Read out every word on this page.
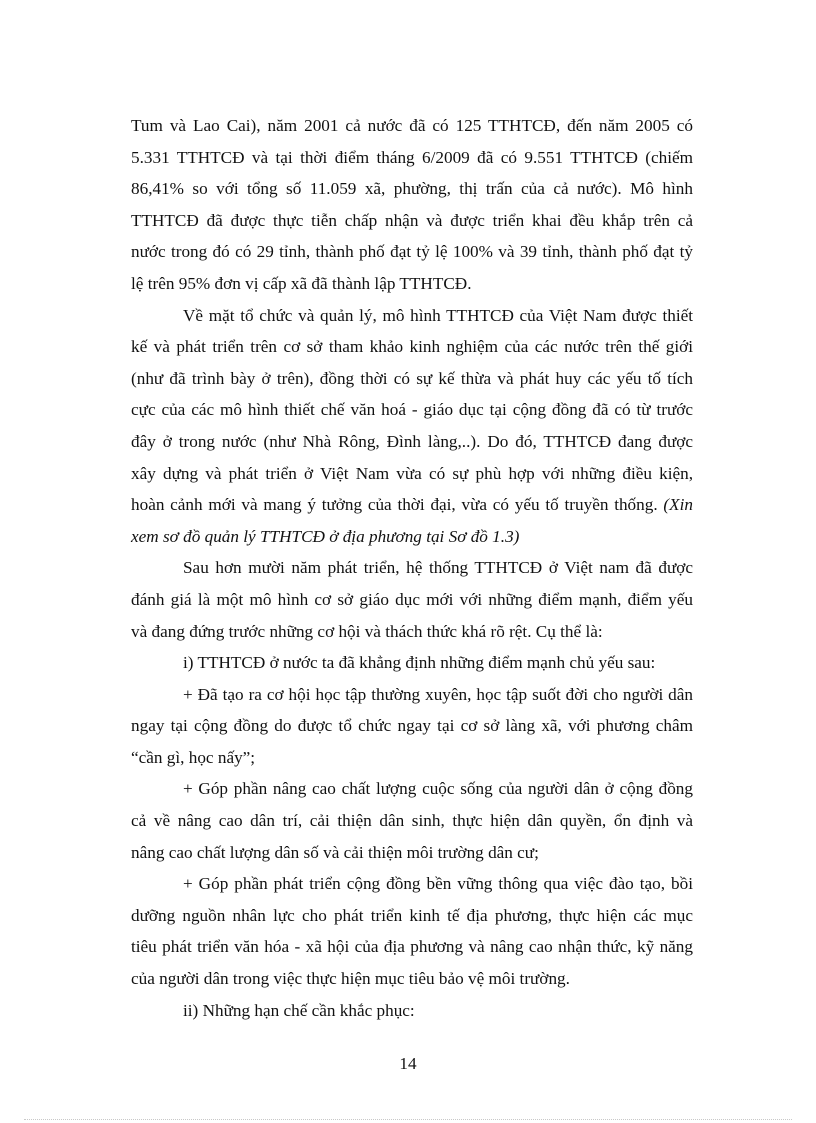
Tum và Lao Cai), năm 2001 cả nước đã có 125 TTHTCĐ, đến năm 2005 có
5.331 TTHTCĐ và tại thời điểm tháng 6/2009 đã có 9.551 TTHTCĐ (chiếm
86,41% so với tổng số 11.059 xã, phường, thị trấn của cả nước). Mô hình
TTHTCĐ đã được thực tiễn chấp nhận và được triển khai đều khắp trên cả
nước trong đó có 29 tỉnh, thành phố đạt tỷ lệ 100% và 39 tỉnh, thành phố đạt tỷ
lệ trên 95% đơn vị cấp xã đã thành lập TTHTCĐ.
Về mặt tổ chức và quản lý, mô hình TTHTCĐ của Việt Nam được thiết
kế và phát triển trên cơ sở tham khảo kinh nghiệm của các nước trên thế giới
(như đã trình bày ở trên), đồng thời có sự kế thừa và phát huy các yếu tố tích
cực của các mô hình thiết chế văn hoá - giáo dục tại cộng đồng đã có từ trước
đây ở trong nước (như Nhà Rông, Đình làng,..). Do đó, TTHTCĐ đang được
xây dựng và phát triển ở Việt Nam vừa có sự phù hợp với những điều kiện,
hoàn cảnh mới và mang ý tưởng của thời đại, vừa có yếu tố truyền thống. (Xin
xem sơ đồ quản lý TTHTCĐ ở địa phương tại Sơ đồ 1.3)
Sau hơn mười năm phát triển, hệ thống TTHTCĐ ở Việt nam đã được
đánh giá là một mô hình cơ sở giáo dục mới với những điểm mạnh, điểm yếu
và đang đứng trước những cơ hội và thách thức khá rõ rệt. Cụ thể là:
i) TTHTCĐ ở nước ta đã khẳng định những điểm mạnh chủ yếu sau:
+ Đã tạo ra cơ hội học tập thường xuyên, học tập suốt đời cho người dân
ngay tại cộng đồng do được tổ chức ngay tại cơ sở làng xã, với phương châm
“cần gì, học nấy”;
+ Góp phần nâng cao chất lượng cuộc sống của người dân ở cộng đồng
cả về nâng cao dân trí, cải thiện dân sinh, thực hiện dân quyền, ổn định và
nâng cao chất lượng dân số và cải thiện môi trường dân cư;
+ Góp phần phát triển cộng đồng bền vững thông qua việc đào tạo, bồi
dưỡng nguồn nhân lực cho phát triển kinh tế địa phương, thực hiện các mục
tiêu phát triển văn hóa - xã hội của địa phương và nâng cao nhận thức, kỹ năng
của người dân trong việc thực hiện mục tiêu bảo vệ môi trường.
ii) Những hạn chế cần khắc phục:
14
